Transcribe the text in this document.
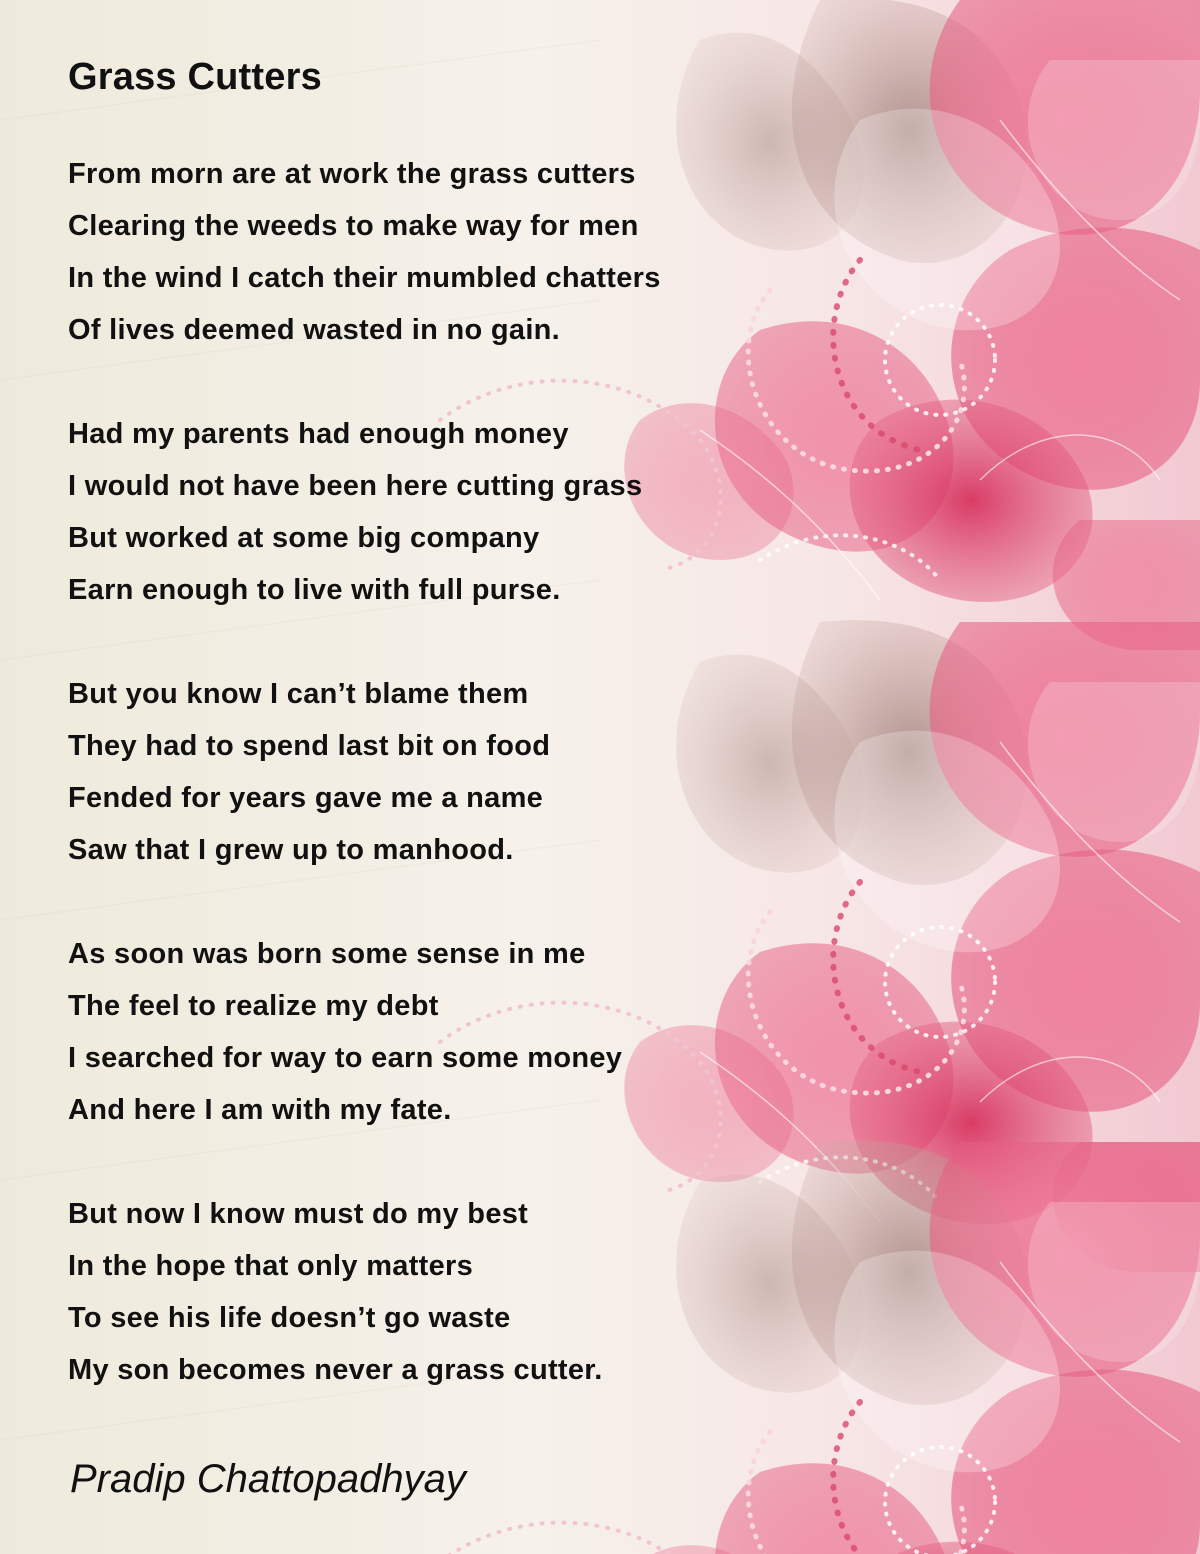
Grass Cutters
From morn are at work the grass cutters
Clearing the weeds to make way for men
In the wind I catch their mumbled chatters
Of lives deemed wasted in no gain.
Had my parents had enough money
I would not have been here cutting grass
But worked at some big company
Earn enough to live with full purse.
But you know I can’t blame them
They had to spend last bit on food
Fended for years gave me a name
Saw that I grew up to manhood.
As soon was born some sense in me
The feel to realize my debt
I searched for way to earn some money
And here I am with my fate.
But now I know must do my best
In the hope that only matters
To see his life doesn’t go waste
My son becomes never a grass cutter.
Pradip Chattopadhyay
